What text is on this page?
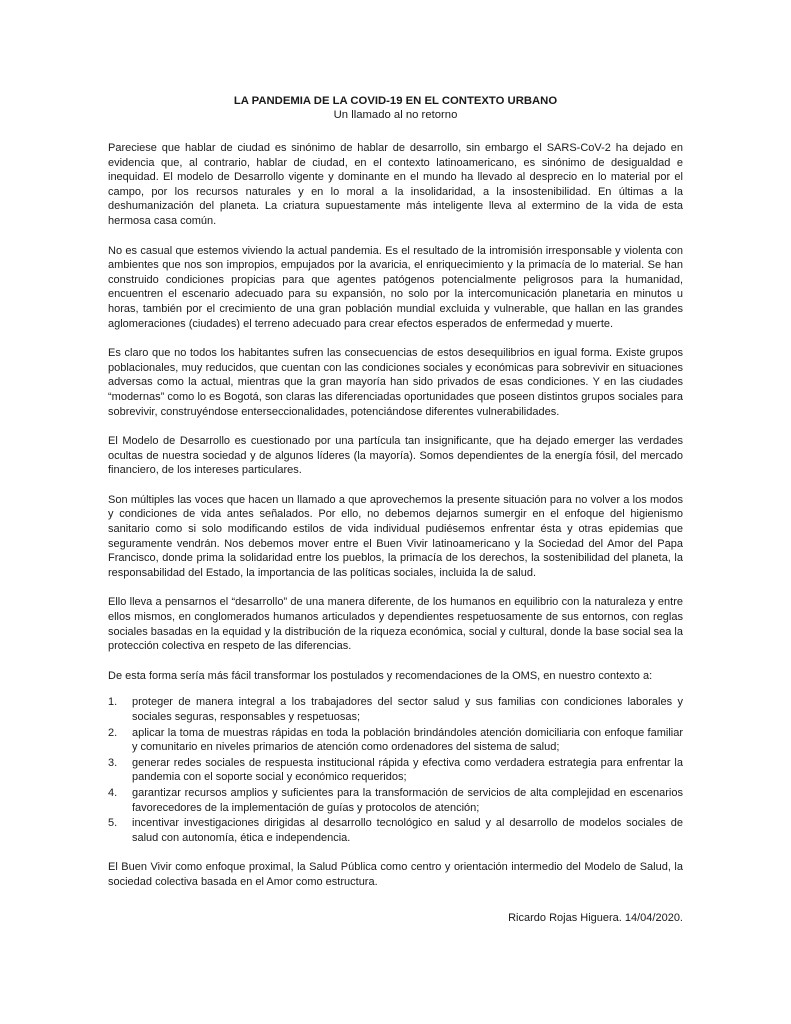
LA PANDEMIA DE LA COVID-19 EN EL CONTEXTO URBANO

Un llamado al no retorno

Pareciese que hablar de ciudad es sinónimo de hablar de desarrollo, sin embargo el SARS-CoV-2 ha dejado en evidencia que, al contrario, hablar de ciudad, en el contexto latinoamericano, es sinónimo de desigualdad e inequidad. El modelo de Desarrollo vigente y dominante en el mundo ha llevado al desprecio en lo material por el campo, por los recursos naturales y en lo moral a la insolidaridad, a la insostenibilidad. En últimas a la deshumanización del planeta. La criatura supuestamente más inteligente lleva al extermino de la vida de esta hermosa casa común.

No es casual que estemos viviendo la actual pandemia. Es el resultado de la intromisión irresponsable y violenta con ambientes que nos son impropios, empujados por la avaricia, el enriquecimiento y la primacía de lo material. Se han construido condiciones propicias para que agentes patógenos potencialmente peligrosos para la humanidad, encuentren el escenario adecuado para su expansión, no solo por la intercomunicación planetaria en minutos u horas, también por el crecimiento de una gran población mundial excluida y vulnerable, que hallan en las grandes aglomeraciones (ciudades) el terreno adecuado para crear efectos esperados de enfermedad y muerte.

Es claro que no todos los habitantes sufren las consecuencias de estos desequilibrios en igual forma. Existe grupos poblacionales, muy reducidos, que cuentan con las condiciones sociales y económicas para sobrevivir en situaciones adversas como la actual, mientras que la gran mayoría han sido privados de esas condiciones. Y en las ciudades “modernas” como lo es Bogotá, son claras las diferenciadas oportunidades que poseen distintos grupos sociales para sobrevivir, construyéndose enterseccionalidades, potenciándose diferentes vulnerabilidades.

El Modelo de Desarrollo es cuestionado por una partícula tan insignificante, que ha dejado emerger las verdades ocultas de nuestra sociedad y de algunos líderes (la mayoría). Somos dependientes de la energía fósil, del mercado financiero, de los intereses particulares.

Son múltiples las voces que hacen un llamado a que aprovechemos la presente situación para no volver a los modos y condiciones de vida antes señalados. Por ello, no debemos dejarnos sumergir en el enfoque del higienismo sanitario como si solo modificando estilos de vida individual pudiésemos enfrentar ésta y otras epidemias que seguramente vendrán. Nos debemos mover entre el Buen Vivir latinoamericano y la Sociedad del Amor del Papa Francisco, donde prima la solidaridad entre los pueblos, la primacía de los derechos, la sostenibilidad del planeta, la responsabilidad del Estado, la importancia de las políticas sociales, incluida la de salud.

Ello lleva a pensarnos el “desarrollo” de una manera diferente, de los humanos en equilibrio con la naturaleza y entre ellos mismos, en conglomerados humanos articulados y dependientes respetuosamente de sus entornos, con reglas sociales basadas en la equidad y la distribución de la riqueza económica, social y cultural, donde la base social sea la protección colectiva en respeto de las diferencias.

De esta forma sería más fácil transformar los postulados y recomendaciones de la OMS, en nuestro contexto a:

1. proteger de manera integral a los trabajadores del sector salud y sus familias con condiciones laborales y sociales seguras, responsables y respetuosas;
2. aplicar la toma de muestras rápidas en toda la población brindándoles atención domiciliaria con enfoque familiar y comunitario en niveles primarios de atención como ordenadores del sistema de salud;
3. generar redes sociales de respuesta institucional rápida y efectiva como verdadera estrategia para enfrentar la pandemia con el soporte social y económico requeridos;
4. garantizar recursos amplios y suficientes para la transformación de servicios de alta complejidad en escenarios favorecedores de la implementación de guías y protocolos de atención;
5. incentivar investigaciones dirigidas al desarrollo tecnológico en salud y al desarrollo de modelos sociales de salud con autonomía, ética e independencia.

El Buen Vivir como enfoque proximal, la Salud Pública como centro y orientación intermedio del Modelo de Salud, la sociedad colectiva basada en el Amor como estructura.

Ricardo Rojas Higuera. 14/04/2020.
